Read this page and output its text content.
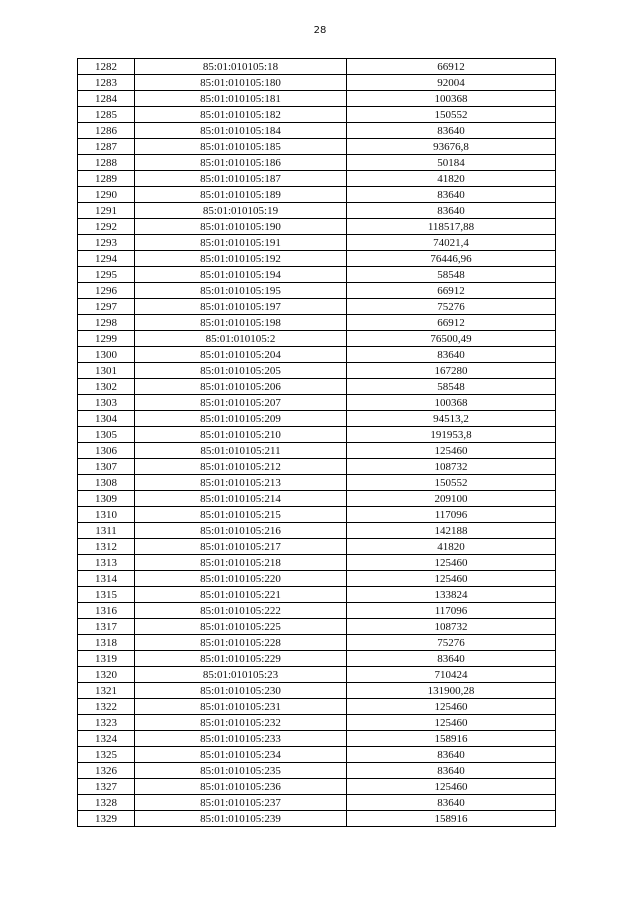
28
1282	85:01:010105:18	66912
1283	85:01:010105:180	92004
1284	85:01:010105:181	100368
1285	85:01:010105:182	150552
1286	85:01:010105:184	83640
1287	85:01:010105:185	93676,8
1288	85:01:010105:186	50184
1289	85:01:010105:187	41820
1290	85:01:010105:189	83640
1291	85:01:010105:19	83640
1292	85:01:010105:190	118517,88
1293	85:01:010105:191	74021,4
1294	85:01:010105:192	76446,96
1295	85:01:010105:194	58548
1296	85:01:010105:195	66912
1297	85:01:010105:197	75276
1298	85:01:010105:198	66912
1299	85:01:010105:2	76500,49
1300	85:01:010105:204	83640
1301	85:01:010105:205	167280
1302	85:01:010105:206	58548
1303	85:01:010105:207	100368
1304	85:01:010105:209	94513,2
1305	85:01:010105:210	191953,8
1306	85:01:010105:211	125460
1307	85:01:010105:212	108732
1308	85:01:010105:213	150552
1309	85:01:010105:214	209100
1310	85:01:010105:215	117096
1311	85:01:010105:216	142188
1312	85:01:010105:217	41820
1313	85:01:010105:218	125460
1314	85:01:010105:220	125460
1315	85:01:010105:221	133824
1316	85:01:010105:222	117096
1317	85:01:010105:225	108732
1318	85:01:010105:228	75276
1319	85:01:010105:229	83640
1320	85:01:010105:23	710424
1321	85:01:010105:230	131900,28
1322	85:01:010105:231	125460
1323	85:01:010105:232	125460
1324	85:01:010105:233	158916
1325	85:01:010105:234	83640
1326	85:01:010105:235	83640
1327	85:01:010105:236	125460
1328	85:01:010105:237	83640
1329	85:01:010105:239	158916
